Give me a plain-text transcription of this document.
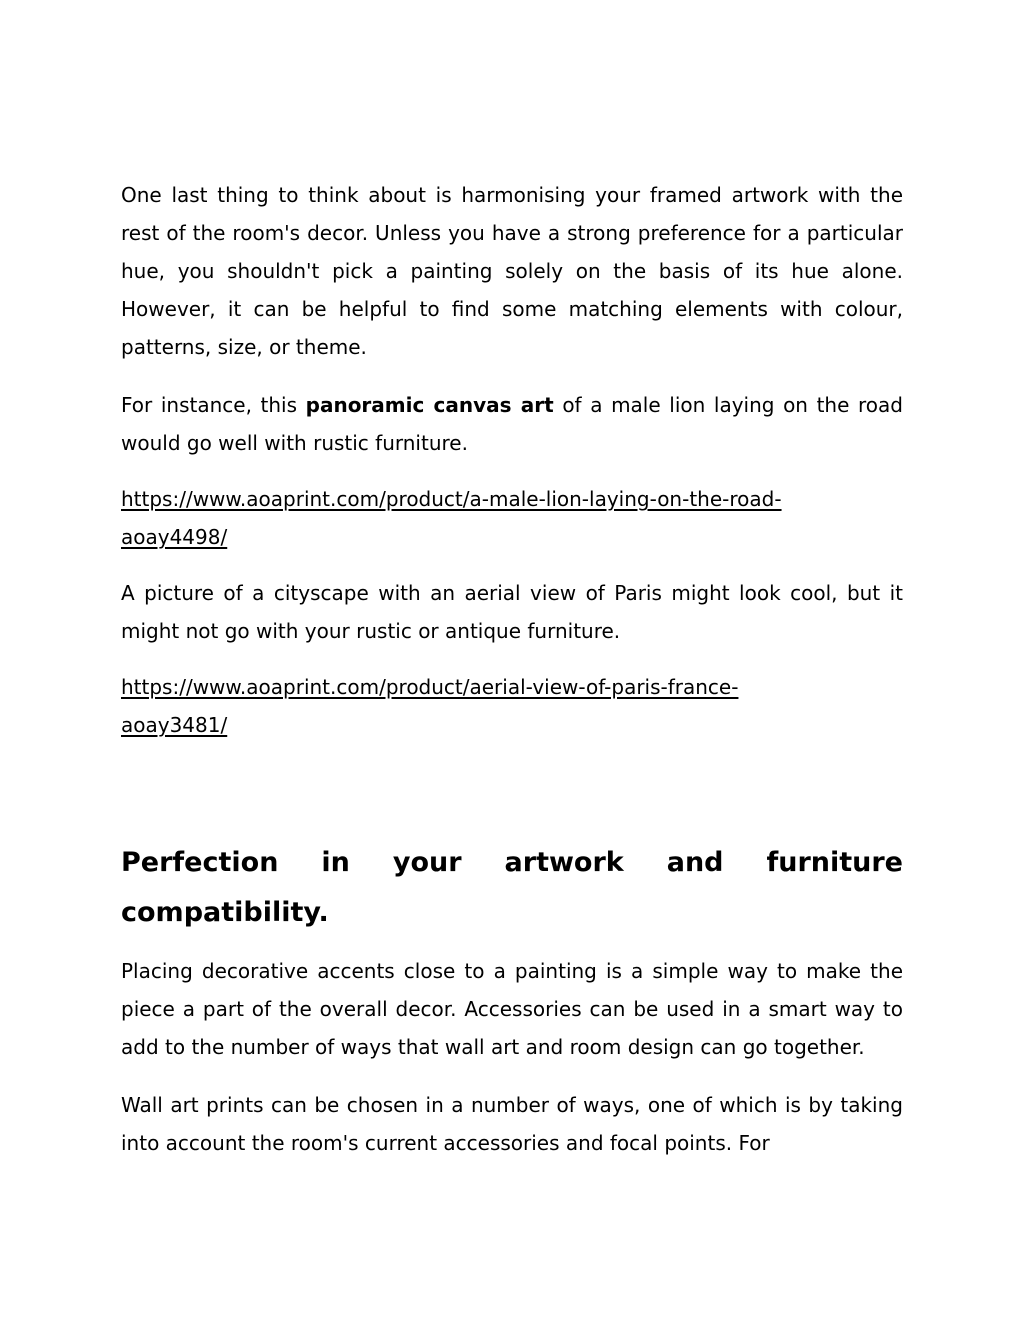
One last thing to think about is harmonising your framed artwork with the rest of the room's decor. Unless you have a strong preference for a particular hue, you shouldn't pick a painting solely on the basis of its hue alone. However, it can be helpful to find some matching elements with colour, patterns, size, or theme.

For instance, this panoramic canvas art of a male lion laying on the road would go well with rustic furniture.

https://www.aoaprint.com/product/a-male-lion-laying-on-the-road-
aoay4498/

A picture of a cityscape with an aerial view of Paris might look cool, but it might not go with your rustic or antique furniture.

https://www.aoaprint.com/product/aerial-view-of-paris-france-
aoay3481/
Perfection in your artwork and furniture
compatibility.

Placing decorative accents close to a painting is a simple way to make the piece a part of the overall decor. Accessories can be used in a smart way to add to the number of ways that wall art and room design can go together.

Wall art prints can be chosen in a number of ways, one of which is by taking into account the room's current accessories and focal points. For
